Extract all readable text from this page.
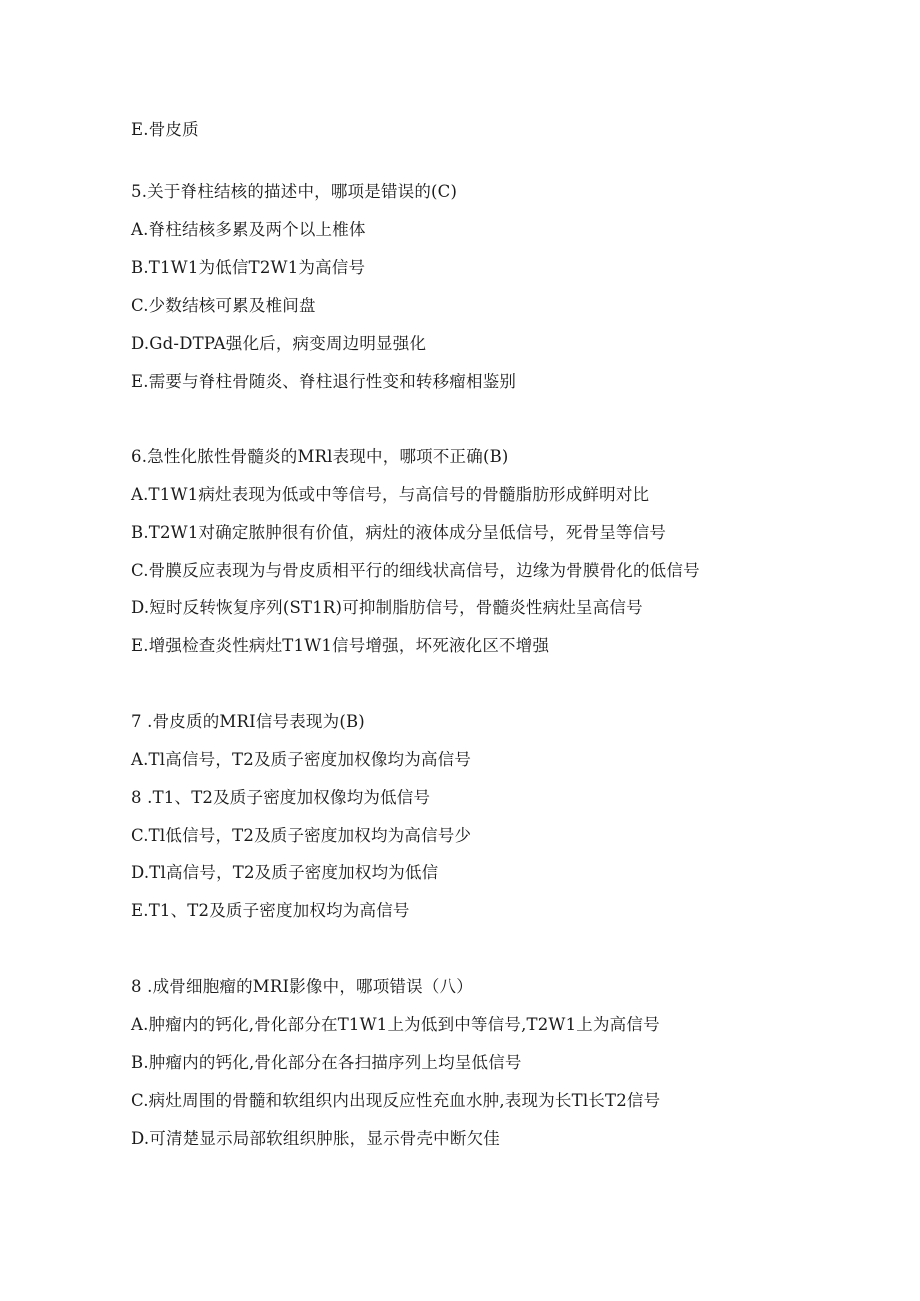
E.骨皮质
5.关于脊柱结核的描述中，哪项是错误的(C)
A.脊柱结核多累及两个以上椎体
B.T1W1为低信T2W1为高信号
C.少数结核可累及椎间盘
D.Gd-DTPA强化后，病变周边明显强化
E.需要与脊柱骨随炎、脊柱退行性变和转移瘤相鉴别
6.急性化脓性骨髓炎的MRl表现中，哪项不正确(B)
A.T1W1病灶表现为低或中等信号，与高信号的骨髓脂肪形成鲜明对比
B.T2W1对确定脓肿很有价值，病灶的液体成分呈低信号，死骨呈等信号
C.骨膜反应表现为与骨皮质相平行的细线状高信号，边缘为骨膜骨化的低信号
D.短时反转恢复序列(ST1R)可抑制脂肪信号，骨髓炎性病灶呈高信号
E.增强检查炎性病灶T1W1信号增强，坏死液化区不增强
7 .骨皮质的MRI信号表现为(B)
A.Tl高信号，T2及质子密度加权像均为高信号
8 .T1、T2及质子密度加权像均为低信号
C.Tl低信号，T2及质子密度加权均为高信号少
D.Tl高信号，T2及质子密度加权均为低信
E.T1、T2及质子密度加权均为高信号
8 .成骨细胞瘤的MRI影像中，哪项错误（八）
A.肿瘤内的钙化,骨化部分在T1W1上为低到中等信号,T2W1上为高信号
B.肿瘤内的钙化,骨化部分在各扫描序列上均呈低信号
C.病灶周围的骨髓和软组织内出现反应性充血水肿,表现为长Tl长T2信号
D.可清楚显示局部软组织肿胀，显示骨壳中断欠佳
